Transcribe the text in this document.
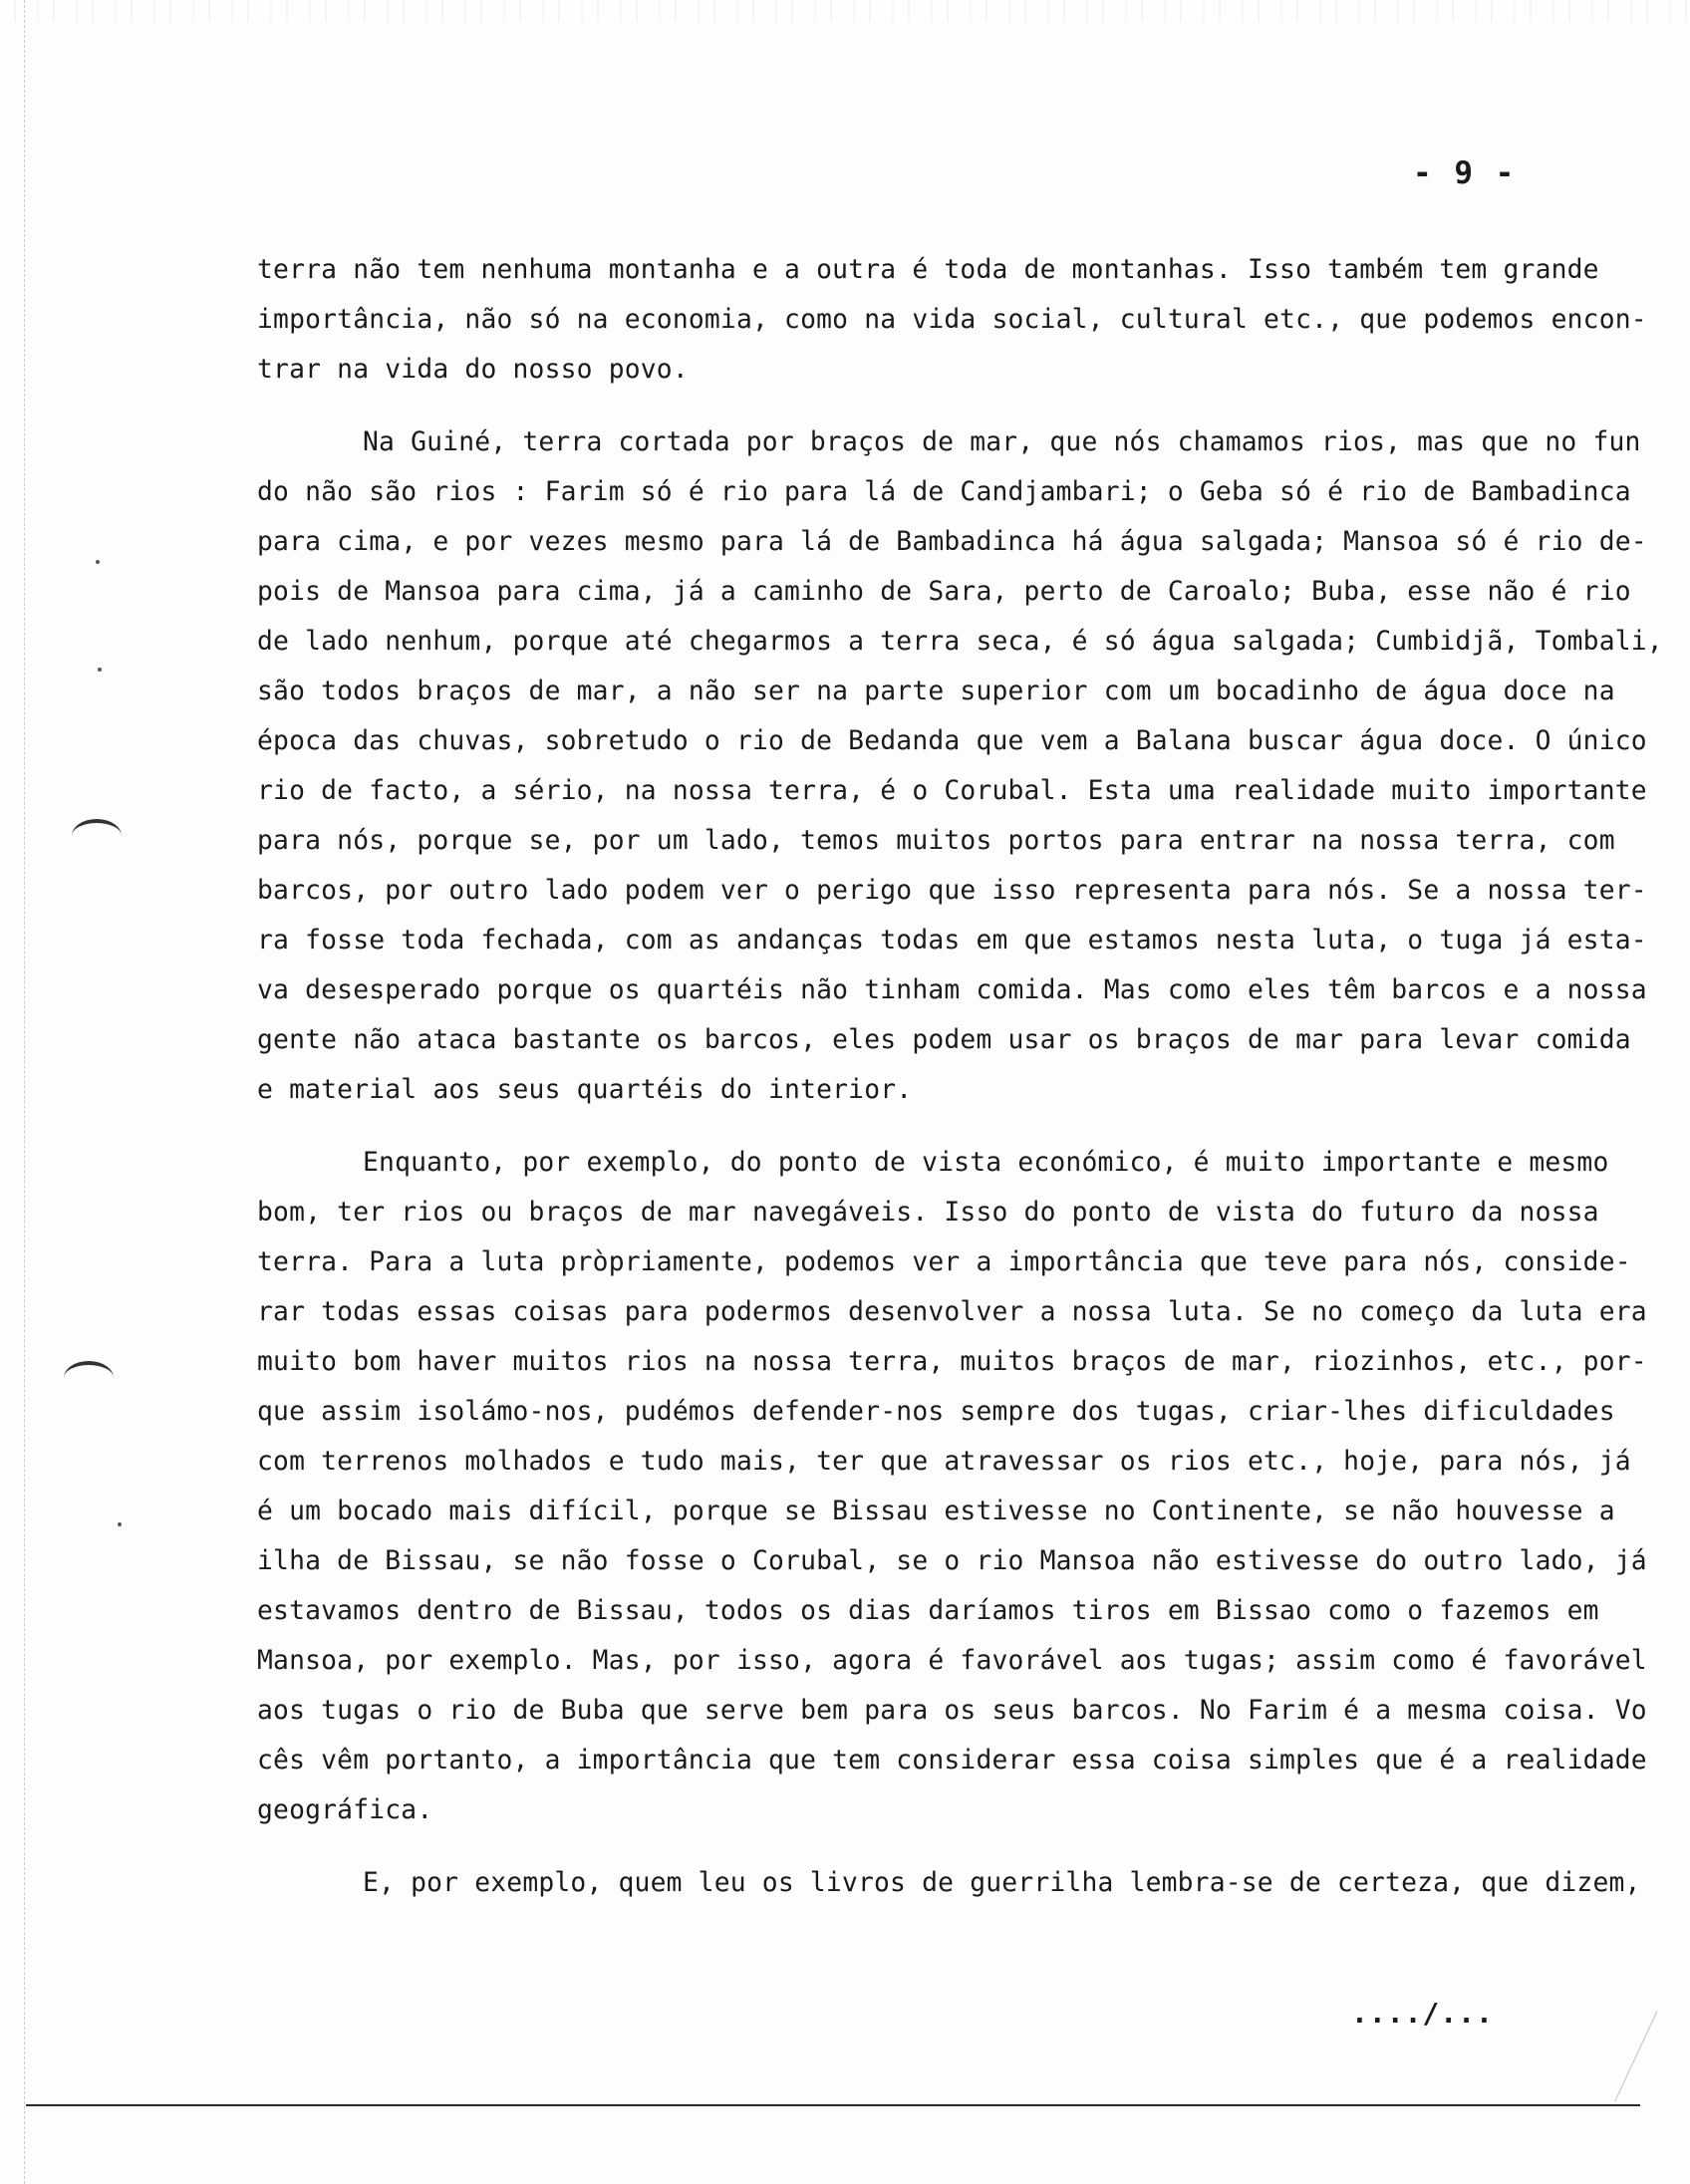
- 9 -
terra não tem nenhuma montanha e a outra é toda de montanhas. Isso também tem grande
importância, não só na economia, como na vida social, cultural etc., que podemos encon-
trar na vida do nosso povo.
Na Guiné, terra cortada por braços de mar, que nós chamamos rios, mas que no fun
do não são rios : Farim só é rio para lá de Candjambari; o Geba só é rio de Bambadinca
para cima, e por vezes mesmo para lá de Bambadinca há água salgada; Mansoa só é rio de-
pois de Mansoa para cima, já a caminho de Sara, perto de Caroalo; Buba, esse não é rio
de lado nenhum, porque até chegarmos a terra seca, é só água salgada; Cumbidjã, Tombali,
são todos braços de mar, a não ser na parte superior com um bocadinho de água doce na
época das chuvas, sobretudo o rio de Bedanda que vem a Balana buscar água doce. O único
rio de facto, a sério, na nossa terra, é o Corubal. Esta uma realidade muito importante
para nós, porque se, por um lado, temos muitos portos para entrar na nossa terra, com
barcos, por outro lado podem ver o perigo que isso representa para nós. Se a nossa ter-
ra fosse toda fechada, com as andanças todas em que estamos nesta luta, o tuga já esta-
va desesperado porque os quartéis não tinham comida. Mas como eles têm barcos e a nossa
gente não ataca bastante os barcos, eles podem usar os braços de mar para levar comida
e material aos seus quartéis do interior.
Enquanto, por exemplo, do ponto de vista económico, é muito importante e mesmo
bom, ter rios ou braços de mar navegáveis. Isso do ponto de vista do futuro da nossa
terra. Para a luta pròpriamente, podemos ver a importância que teve para nós, conside-
rar todas essas coisas para podermos desenvolver a nossa luta. Se no começo da luta era
muito bom haver muitos rios na nossa terra, muitos braços de mar, riozinhos, etc., por-
que assim isolámo-nos, pudémos defender-nos sempre dos tugas, criar-lhes dificuldades
com terrenos molhados e tudo mais, ter que atravessar os rios etc., hoje, para nós, já
é um bocado mais difícil, porque se Bissau estivesse no Continente, se não houvesse a
ilha de Bissau, se não fosse o Corubal, se o rio Mansoa não estivesse do outro lado, já
estavamos dentro de Bissau, todos os dias daríamos tiros em Bissao como o fazemos em
Mansoa, por exemplo. Mas, por isso, agora é favorável aos tugas; assim como é favorável
aos tugas o rio de Buba que serve bem para os seus barcos. No Farim é a mesma coisa. Vo
cês vêm portanto, a importância que tem considerar essa coisa simples que é a realidade
geográfica.
E, por exemplo, quem leu os livros de guerrilha lembra-se de certeza, que dizem,
..../...
